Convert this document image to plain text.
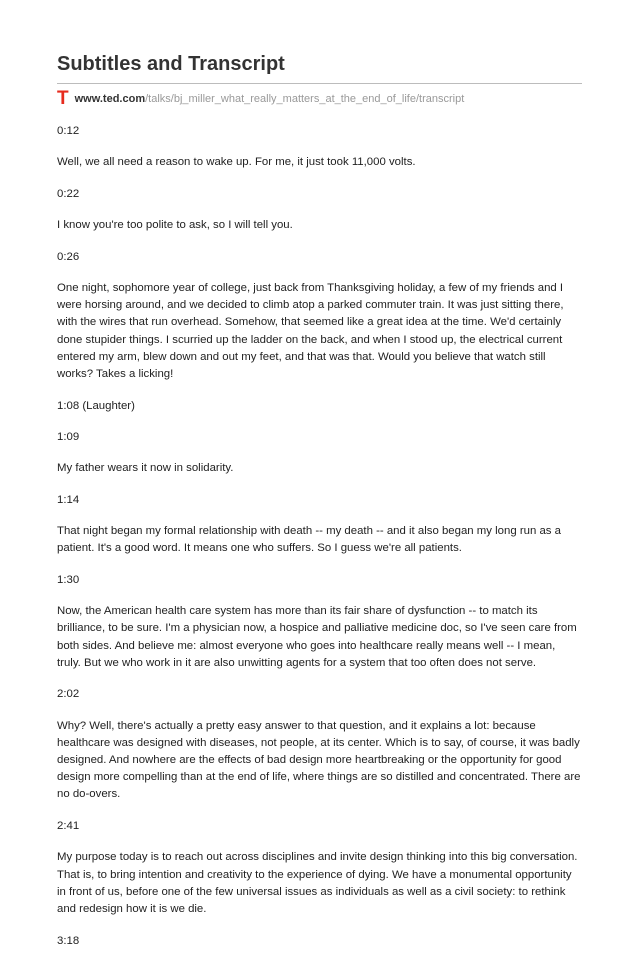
Subtitles and Transcript
T www.ted.com /talks/bj_miller_what_really_matters_at_the_end_of_life/transcript

0:12

Well, we all need a reason to wake up. For me, it just took 11,000 volts.

0:22

I know you're too polite to ask, so I will tell you.

0:26

One night, sophomore year of college, just back from Thanksgiving holiday, a few of my friends and I were horsing around, and we decided to climb atop a parked commuter train. It was just sitting there, with the wires that run overhead. Somehow, that seemed like a great idea at the time. We'd certainly done stupider things. I scurried up the ladder on the back, and when I stood up, the electrical current entered my arm, blew down and out my feet, and that was that. Would you believe that watch still works? Takes a licking!

1:08 (Laughter)

1:09

My father wears it now in solidarity.

1:14

That night began my formal relationship with death -- my death -- and it also began my long run as a patient. It's a good word. It means one who suffers. So I guess we're all patients.

1:30

Now, the American health care system has more than its fair share of dysfunction -- to match its brilliance, to be sure. I'm a physician now, a hospice and palliative medicine doc, so I've seen care from both sides. And believe me: almost everyone who goes into healthcare really means well -- I mean, truly. But we who work in it are also unwitting agents for a system that too often does not serve.

2:02

Why? Well, there's actually a pretty easy answer to that question, and it explains a lot: because healthcare was designed with diseases, not people, at its center. Which is to say, of course, it was badly designed. And nowhere are the effects of bad design more heartbreaking or the opportunity for good design more compelling than at the end of life, where things are so distilled and concentrated. There are no do-overs.

2:41

My purpose today is to reach out across disciplines and invite design thinking into this big conversation. That is, to bring intention and creativity to the experience of dying. We have a monumental opportunity in front of us, before one of the few universal issues as individuals as well as a civil society: to rethink and redesign how it is we die.

3:18
